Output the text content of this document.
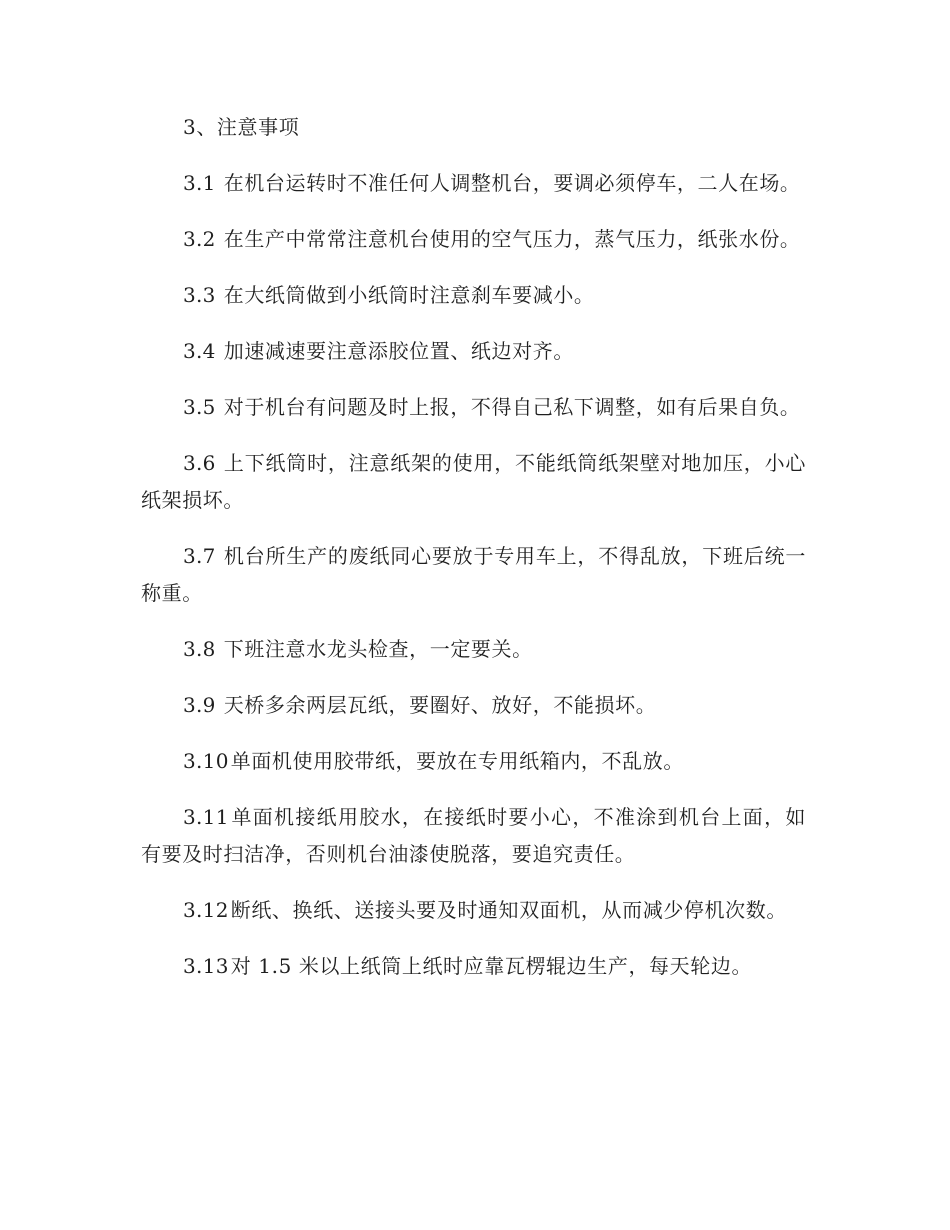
3、注意事项

3.1 在机台运转时不准任何人调整机台，要调必须停车，二人在场。

3.2 在生产中常常注意机台使用的空气压力，蒸气压力，纸张水份。

3.3 在大纸筒做到小纸筒时注意刹车要减小。

3.4 加速减速要注意添胶位置、纸边对齐。

3.5 对于机台有问题及时上报，不得自己私下调整，如有后果自负。

3.6 上下纸筒时，注意纸架的使用，不能纸筒纸架壁对地加压，小心纸架损坏。

3.7 机台所生产的废纸同心要放于专用车上，不得乱放，下班后统一称重。

3.8 下班注意水龙头检查，一定要关。

3.9 天桥多余两层瓦纸，要圈好、放好，不能损坏。

3.10 单面机使用胶带纸，要放在专用纸箱内，不乱放。

3.11 单面机接纸用胶水，在接纸时要小心，不准涂到机台上面，如有要及时扫洁净，否则机台油漆使脱落，要追究责任。

3.12 断纸、换纸、送接头要及时通知双面机，从而减少停机次数。

3.13 对 1.5 米以上纸筒上纸时应靠瓦楞辊边生产，每天轮边。
